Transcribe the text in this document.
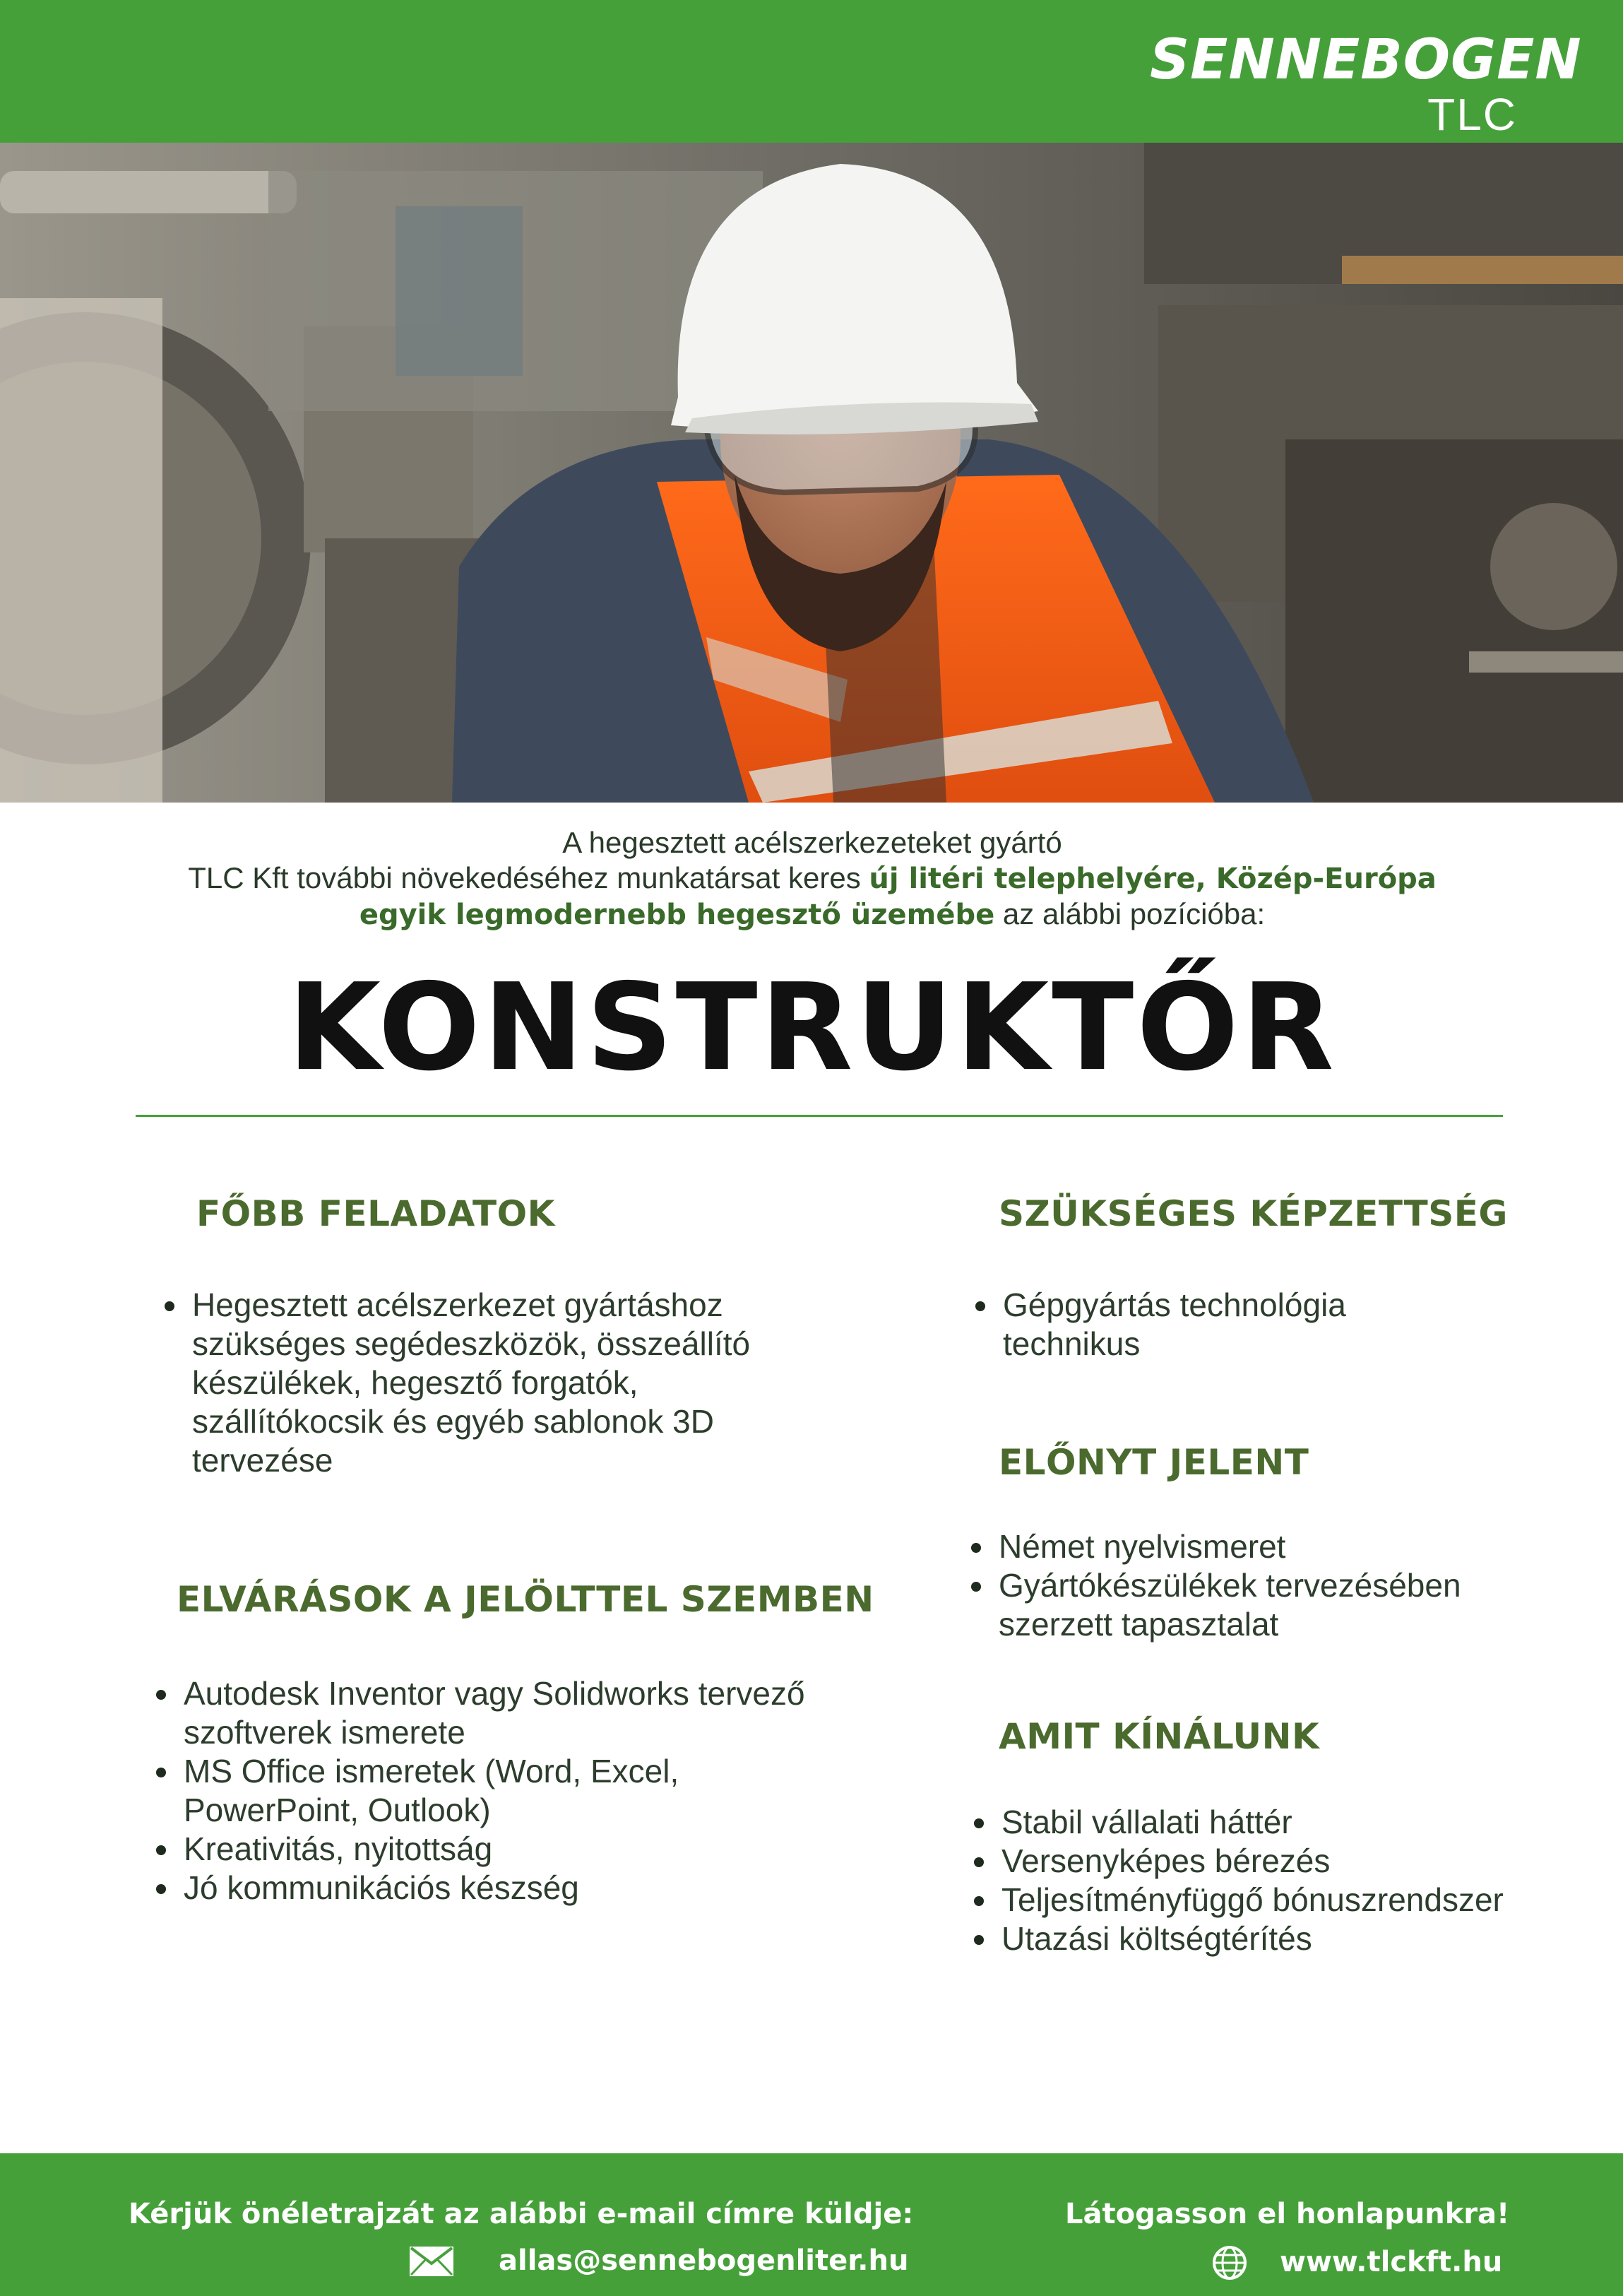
SENNEBOGEN
TLC
A hegesztett acélszerkezeteket gyártó
TLC Kft további növekedéséhez munkatársat keres új litéri telephelyére, Közép-Európa
egyik legmodernebb hegesztő üzemébe az alábbi pozícióba:
KONSTRUKTŐR
FŐBB FELADATOK
• Hegesztett acélszerkezet gyártáshoz szükséges segédeszközök, összeállító készülékek, hegesztő forgatók, szállítókocsik és egyéb sablonok 3D tervezése
ELVÁRÁSOK A JELÖLTTEL SZEMBEN
• Autodesk Inventor vagy Solidworks tervező szoftverek ismerete
• MS Office ismeretek (Word, Excel, PowerPoint, Outlook)
• Kreativitás, nyitottság
• Jó kommunikációs készség
SZÜKSÉGES KÉPZETTSÉG
• Gépgyártás technológia technikus
ELŐNYT JELENT
• Német nyelvismeret
• Gyártókészülékek tervezésében szerzett tapasztalat
AMIT KÍNÁLUNK
• Stabil vállalati háttér
• Versenyképes bérezés
• Teljesítményfüggő bónuszrendszer
• Utazási költségtérítés
Kérjük önéletrajzát az alábbi e-mail címre küldje:
allas@sennebogenliter.hu
Látogasson el honlapunkra!
www.tlckft.hu
